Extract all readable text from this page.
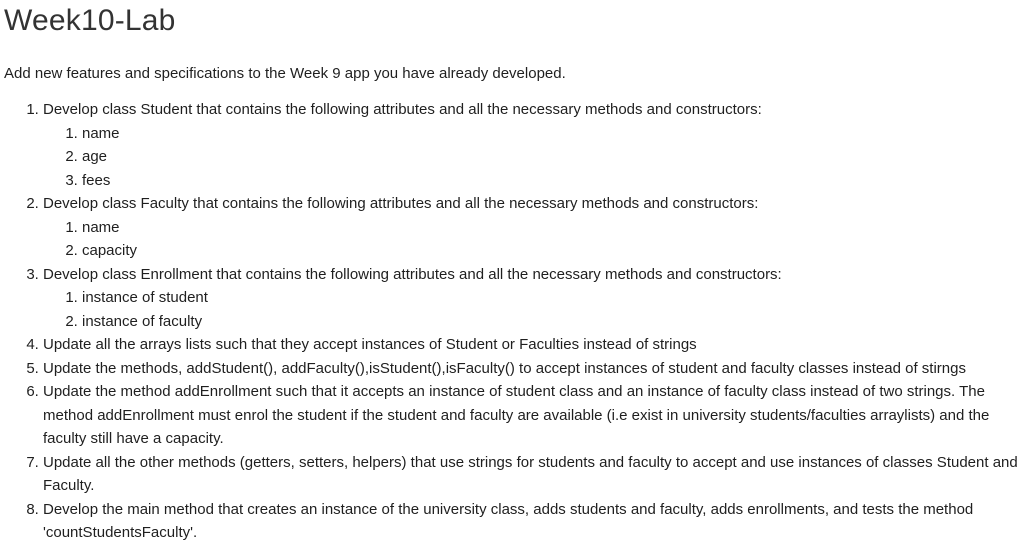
Week10-Lab

Add new features and specifications to the Week 9 app you have already developed.

1. Develop class Student that contains the following attributes and all the necessary methods and constructors:
1. name
2. age
3. fees
2. Develop class Faculty that contains the following attributes and all the necessary methods and constructors:
1. name
2. capacity
3. Develop class Enrollment that contains the following attributes and all the necessary methods and constructors:
1. instance of student
2. instance of faculty
4. Update all the arrays lists such that they accept instances of Student or Faculties instead of strings
5. Update the methods, addStudent(), addFaculty(),isStudent(),isFaculty() to accept instances of student and faculty classes instead of stirngs
6. Update the method addEnrollment such that it accepts an instance of student class and an instance of faculty class instead of two strings. The method addEnrollment must enrol the student if the student and faculty are available (i.e exist in university students/faculties arraylists) and the faculty still have a capacity.
7. Update all the other methods (getters, setters, helpers) that use strings for students and faculty to accept and use instances of classes Student and Faculty.
8. Develop the main method that creates an instance of the university class, adds students and faculty, adds enrollments, and tests the method 'countStudentsFaculty'.
